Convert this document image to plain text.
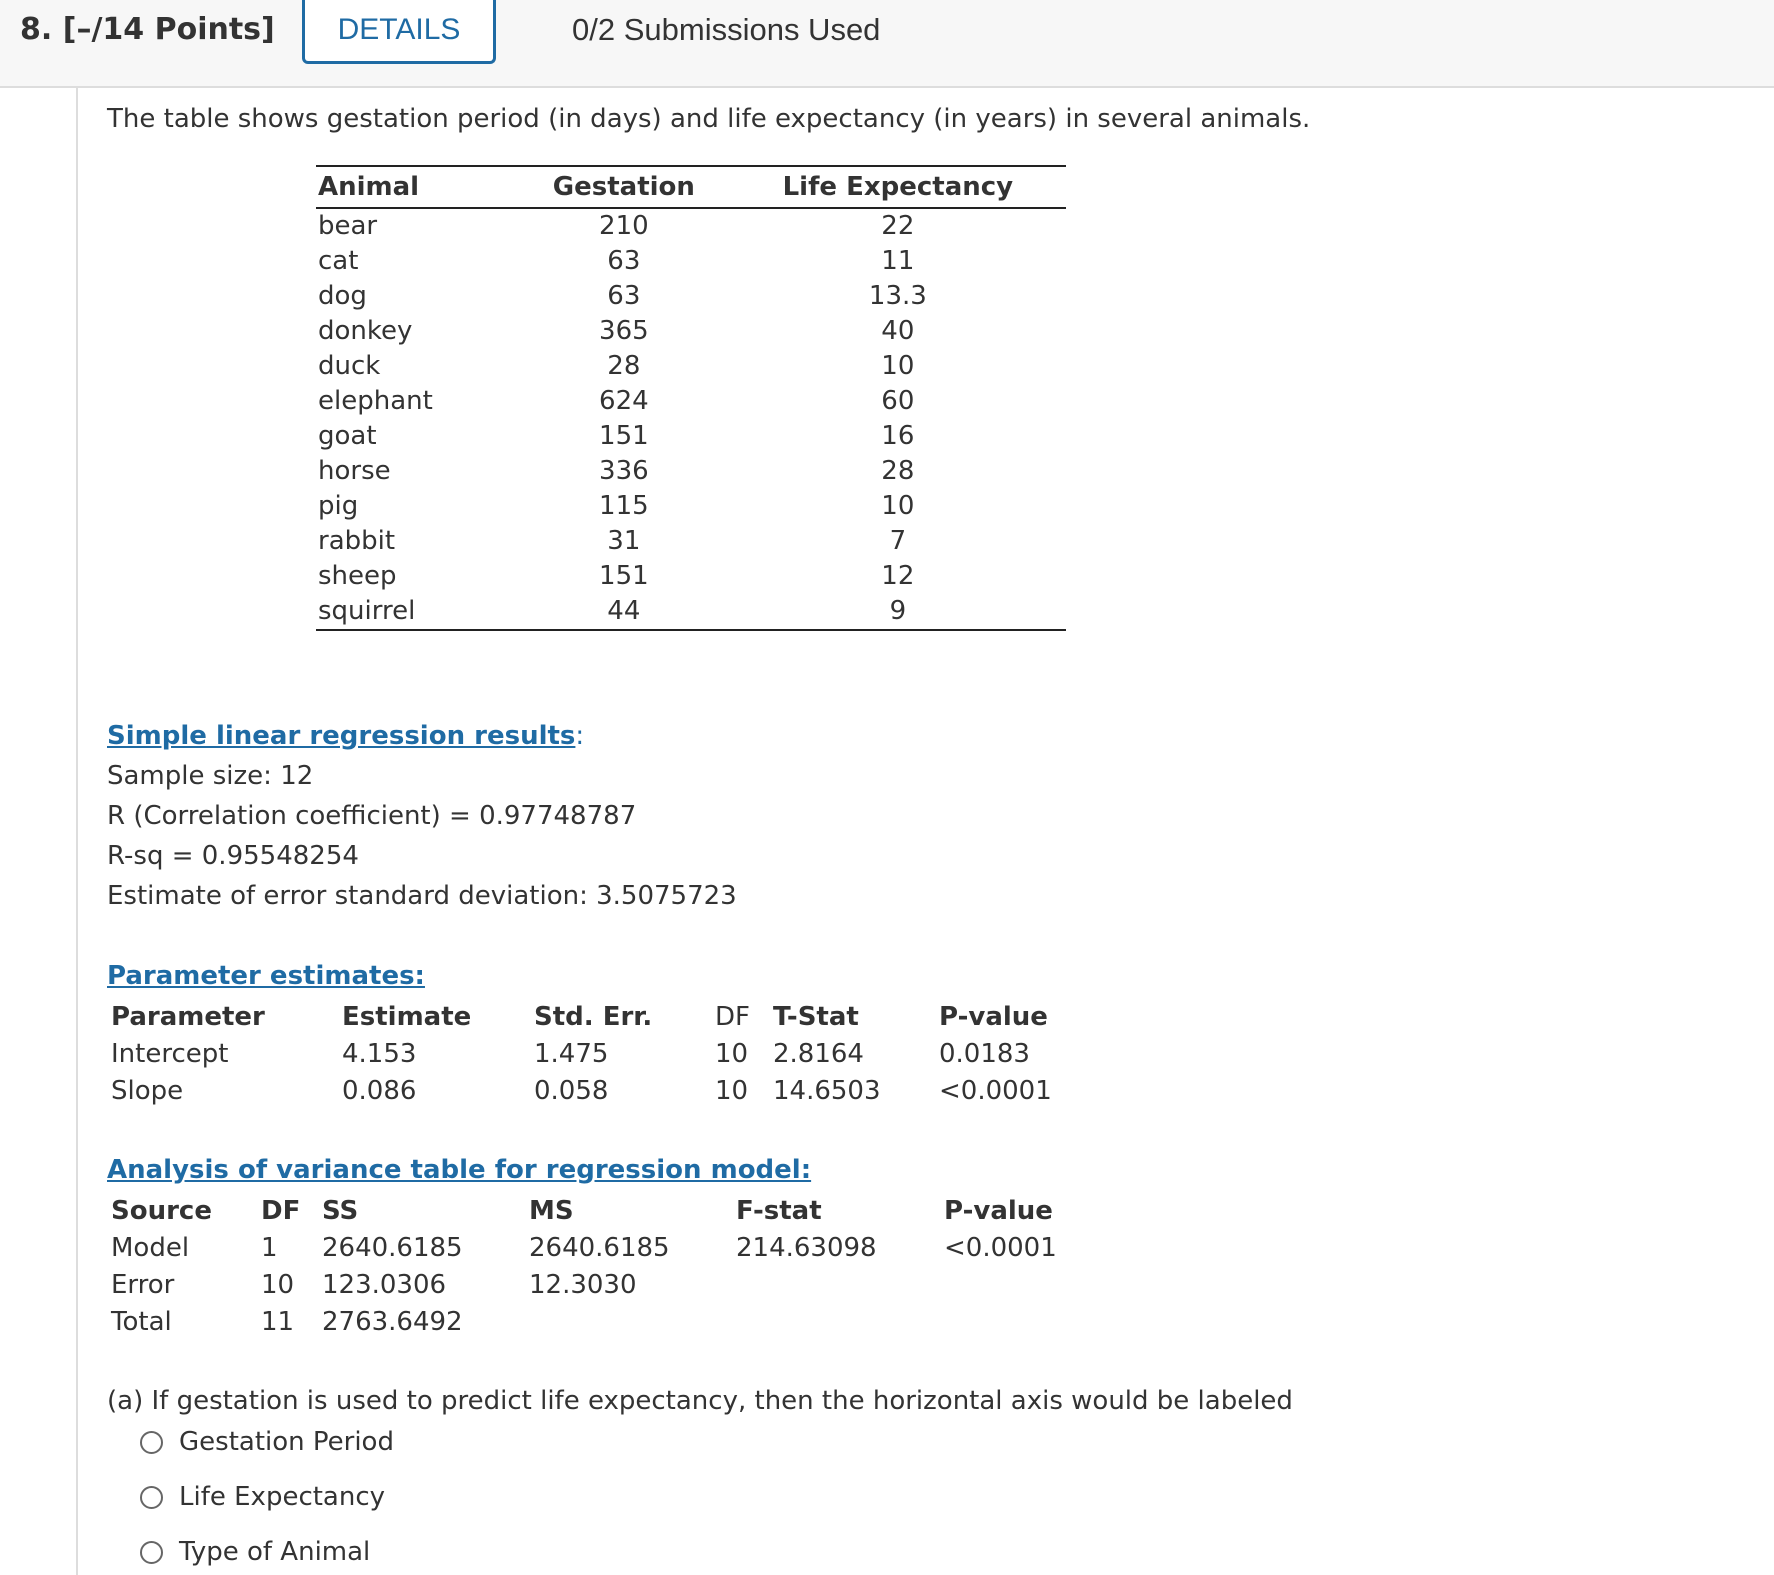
8. [–/14 Points]	DETAILS	0/2 Submissions Used
The table shows gestation period (in days) and life expectancy (in years) in several animals.
Animal	Gestation	Life Expectancy
bear	210	22
cat	63	11
dog	63	13.3
donkey	365	40
duck	28	10
elephant	624	60
goat	151	16
horse	336	28
pig	115	10
rabbit	31	7
sheep	151	12
squirrel	44	9
Simple linear regression results:
Sample size: 12
R (Correlation coefficient) = 0.97748787
R-sq = 0.95548254
Estimate of error standard deviation: 3.5075723
Parameter estimates:
Parameter	Estimate	Std. Err.	DF	T-Stat	P-value
Intercept	4.153	1.475	10	2.8164	0.0183
Slope	0.086	0.058	10	14.6503	<0.0001
Analysis of variance table for regression model:
Source	DF	SS	MS	F-stat	P-value
Model	1	2640.6185	2640.6185	214.63098	<0.0001
Error	10	123.0306	12.3030		
Total	11	2763.6492			
(a) If gestation is used to predict life expectancy, then the horizontal axis would be labeled
Gestation Period
Life Expectancy
Type of Animal
